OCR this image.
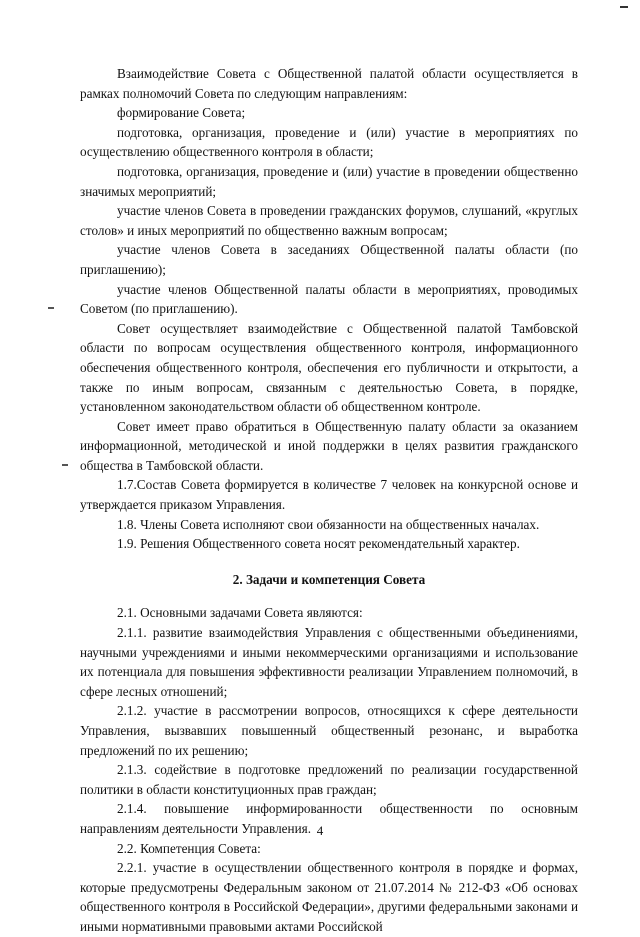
Взаимодействие Совета с Общественной палатой области осуществляется в рамках полномочий Совета по следующим направлениям:

формирование Совета;

подготовка, организация, проведение и (или) участие в мероприятиях по осуществлению общественного контроля в области;

подготовка, организация, проведение и (или) участие в проведении общественно значимых мероприятий;

участие членов Совета в проведении гражданских форумов, слушаний, «круглых столов» и иных мероприятий по общественно важным вопросам;

участие членов Совета в заседаниях Общественной палаты области (по приглашению);

участие членов Общественной палаты области в мероприятиях, проводимых Советом (по приглашению).

Совет осуществляет взаимодействие с Общественной палатой Тамбовской области по вопросам осуществления общественного контроля, информационного обеспечения общественного контроля, обеспечения его публичности и открытости, а также по иным вопросам, связанным с деятельностью Совета, в порядке, установленном законодательством области об общественном контроле.

Совет имеет право обратиться в Общественную палату области за оказанием информационной, методической и иной поддержки в целях развития гражданского общества в Тамбовской области.

1.7.Состав Совета формируется в количестве 7 человек на конкурсной основе и утверждается приказом Управления.

1.8. Члены Совета исполняют свои обязанности на общественных началах.

1.9. Решения Общественного совета носят рекомендательный характер.

2. Задачи и компетенция Совета

2.1. Основными задачами Совета являются:

2.1.1. развитие взаимодействия Управления с общественными объединениями, научными учреждениями и иными некоммерческими организациями и использование их потенциала для повышения эффективности реализации Управлением полномочий, в сфере лесных отношений;

2.1.2. участие в рассмотрении вопросов, относящихся к сфере деятельности Управления, вызвавших повышенный общественный резонанс, и выработка предложений по их решению;

2.1.3. содействие в подготовке предложений по реализации государственной политики в области конституционных прав граждан;

2.1.4. повышение информированности общественности по основным направлениям деятельности Управления.

2.2. Компетенция Совета:

2.2.1. участие в осуществлении общественного контроля в порядке и формах, которые предусмотрены Федеральным законом от 21.07.2014 № 212-ФЗ «Об основах общественного контроля в Российской Федерации», другими федеральными законами и иными нормативными правовыми актами Российской

4
